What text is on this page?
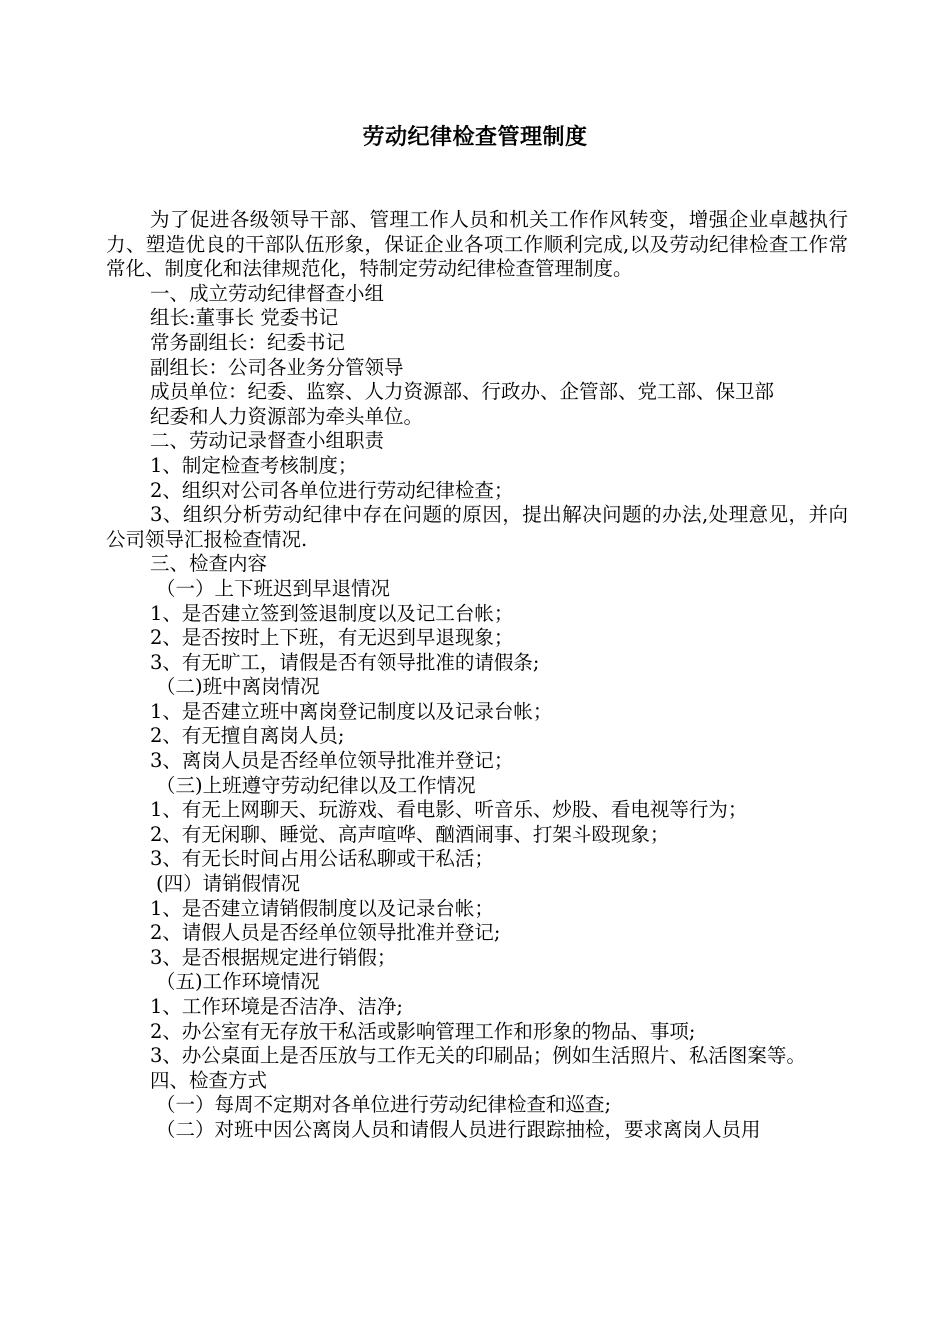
劳动纪律检查管理制度

为了促进各级领导干部、管理工作人员和机关工作作风转变，增强企业卓越执行力、塑造优良的干部队伍形象，保证企业各项工作顺利完成,以及劳动纪律检查工作常常化、制度化和法律规范化，特制定劳动纪律检查管理制度。

一、成立劳动纪律督查小组

组长:董事长 党委书记

常务副组长：纪委书记

副组长：公司各业务分管领导

成员单位：纪委、监察、人力资源部、行政办、企管部、党工部、保卫部

纪委和人力资源部为牵头单位。

二、劳动记录督查小组职责

1、制定检查考核制度；

2、组织对公司各单位进行劳动纪律检查；

3、组织分析劳动纪律中存在问题的原因，提出解决问题的办法,处理意见，并向公司领导汇报检查情况.

三、检查内容

（一）上下班迟到早退情况

1、是否建立签到签退制度以及记工台帐；

2、是否按时上下班，有无迟到早退现象；

3、有无旷工，请假是否有领导批准的请假条;

（二)班中离岗情况

1、是否建立班中离岗登记制度以及记录台帐；

2、有无擅自离岗人员;

3、离岗人员是否经单位领导批准并登记；

（三)上班遵守劳动纪律以及工作情况

1、有无上网聊天、玩游戏、看电影、听音乐、炒股、看电视等行为；

2、有无闲聊、睡觉、高声喧哗、酗酒闹事、打架斗殴现象；

3、有无长时间占用公话私聊或干私活；

(四）请销假情况

1、是否建立请销假制度以及记录台帐；

2、请假人员是否经单位领导批准并登记;

3、是否根据规定进行销假；

（五)工作环境情况

1、工作环境是否洁净、洁净;

2、办公室有无存放干私活或影响管理工作和形象的物品、事项;

3、办公桌面上是否压放与工作无关的印刷品；例如生活照片、私活图案等。

四、检查方式

（一）每周不定期对各单位进行劳动纪律检查和巡查;

（二）对班中因公离岗人员和请假人员进行跟踪抽检，要求离岗人员用
